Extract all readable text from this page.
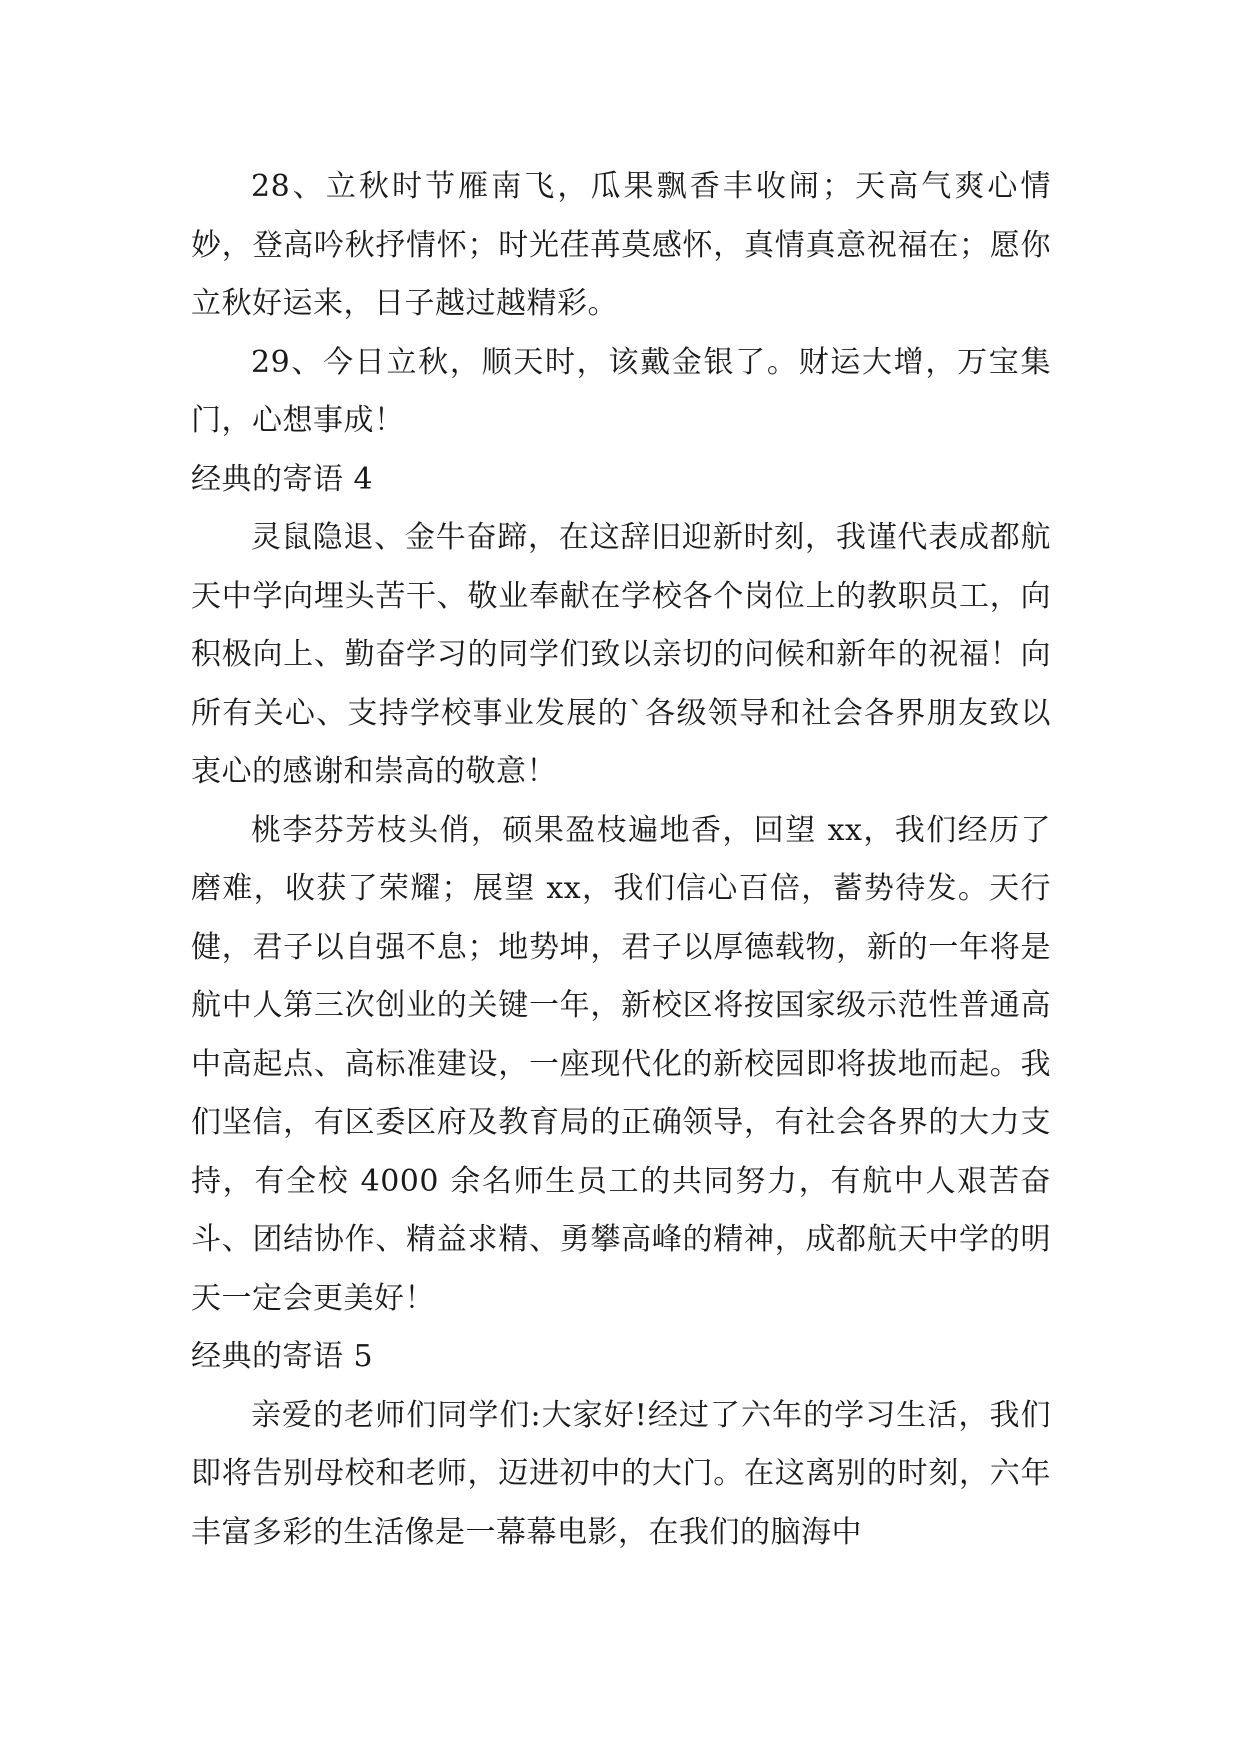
28、立秋时节雁南飞，瓜果飘香丰收闹；天高气爽心情妙，登高吟秋抒情怀；时光荏苒莫感怀，真情真意祝福在；愿你立秋好运来，日子越过越精彩。

29、今日立秋，顺天时，该戴金银了。财运大增，万宝集门，心想事成！

经典的寄语 4

灵鼠隐退、金牛奋蹄，在这辞旧迎新时刻，我谨代表成都航天中学向埋头苦干、敬业奉献在学校各个岗位上的教职员工，向积极向上、勤奋学习的同学们致以亲切的问候和新年的祝福！向所有关心、支持学校事业发展的`各级领导和社会各界朋友致以衷心的感谢和崇高的敬意！

桃李芬芳枝头俏，硕果盈枝遍地香，回望 xx，我们经历了磨难，收获了荣耀；展望 xx，我们信心百倍，蓄势待发。天行健，君子以自强不息；地势坤，君子以厚德载物，新的一年将是航中人第三次创业的关键一年，新校区将按国家级示范性普通高中高起点、高标准建设，一座现代化的新校园即将拔地而起。我们坚信，有区委区府及教育局的正确领导，有社会各界的大力支持，有全校 4000 余名师生员工的共同努力，有航中人艰苦奋斗、团结协作、精益求精、勇攀高峰的精神，成都航天中学的明天一定会更美好！

经典的寄语 5

亲爱的老师们同学们:大家好!经过了六年的学习生活，我们即将告别母校和老师，迈进初中的大门。在这离别的时刻，六年丰富多彩的生活像是一幕幕电影，在我们的脑海中
